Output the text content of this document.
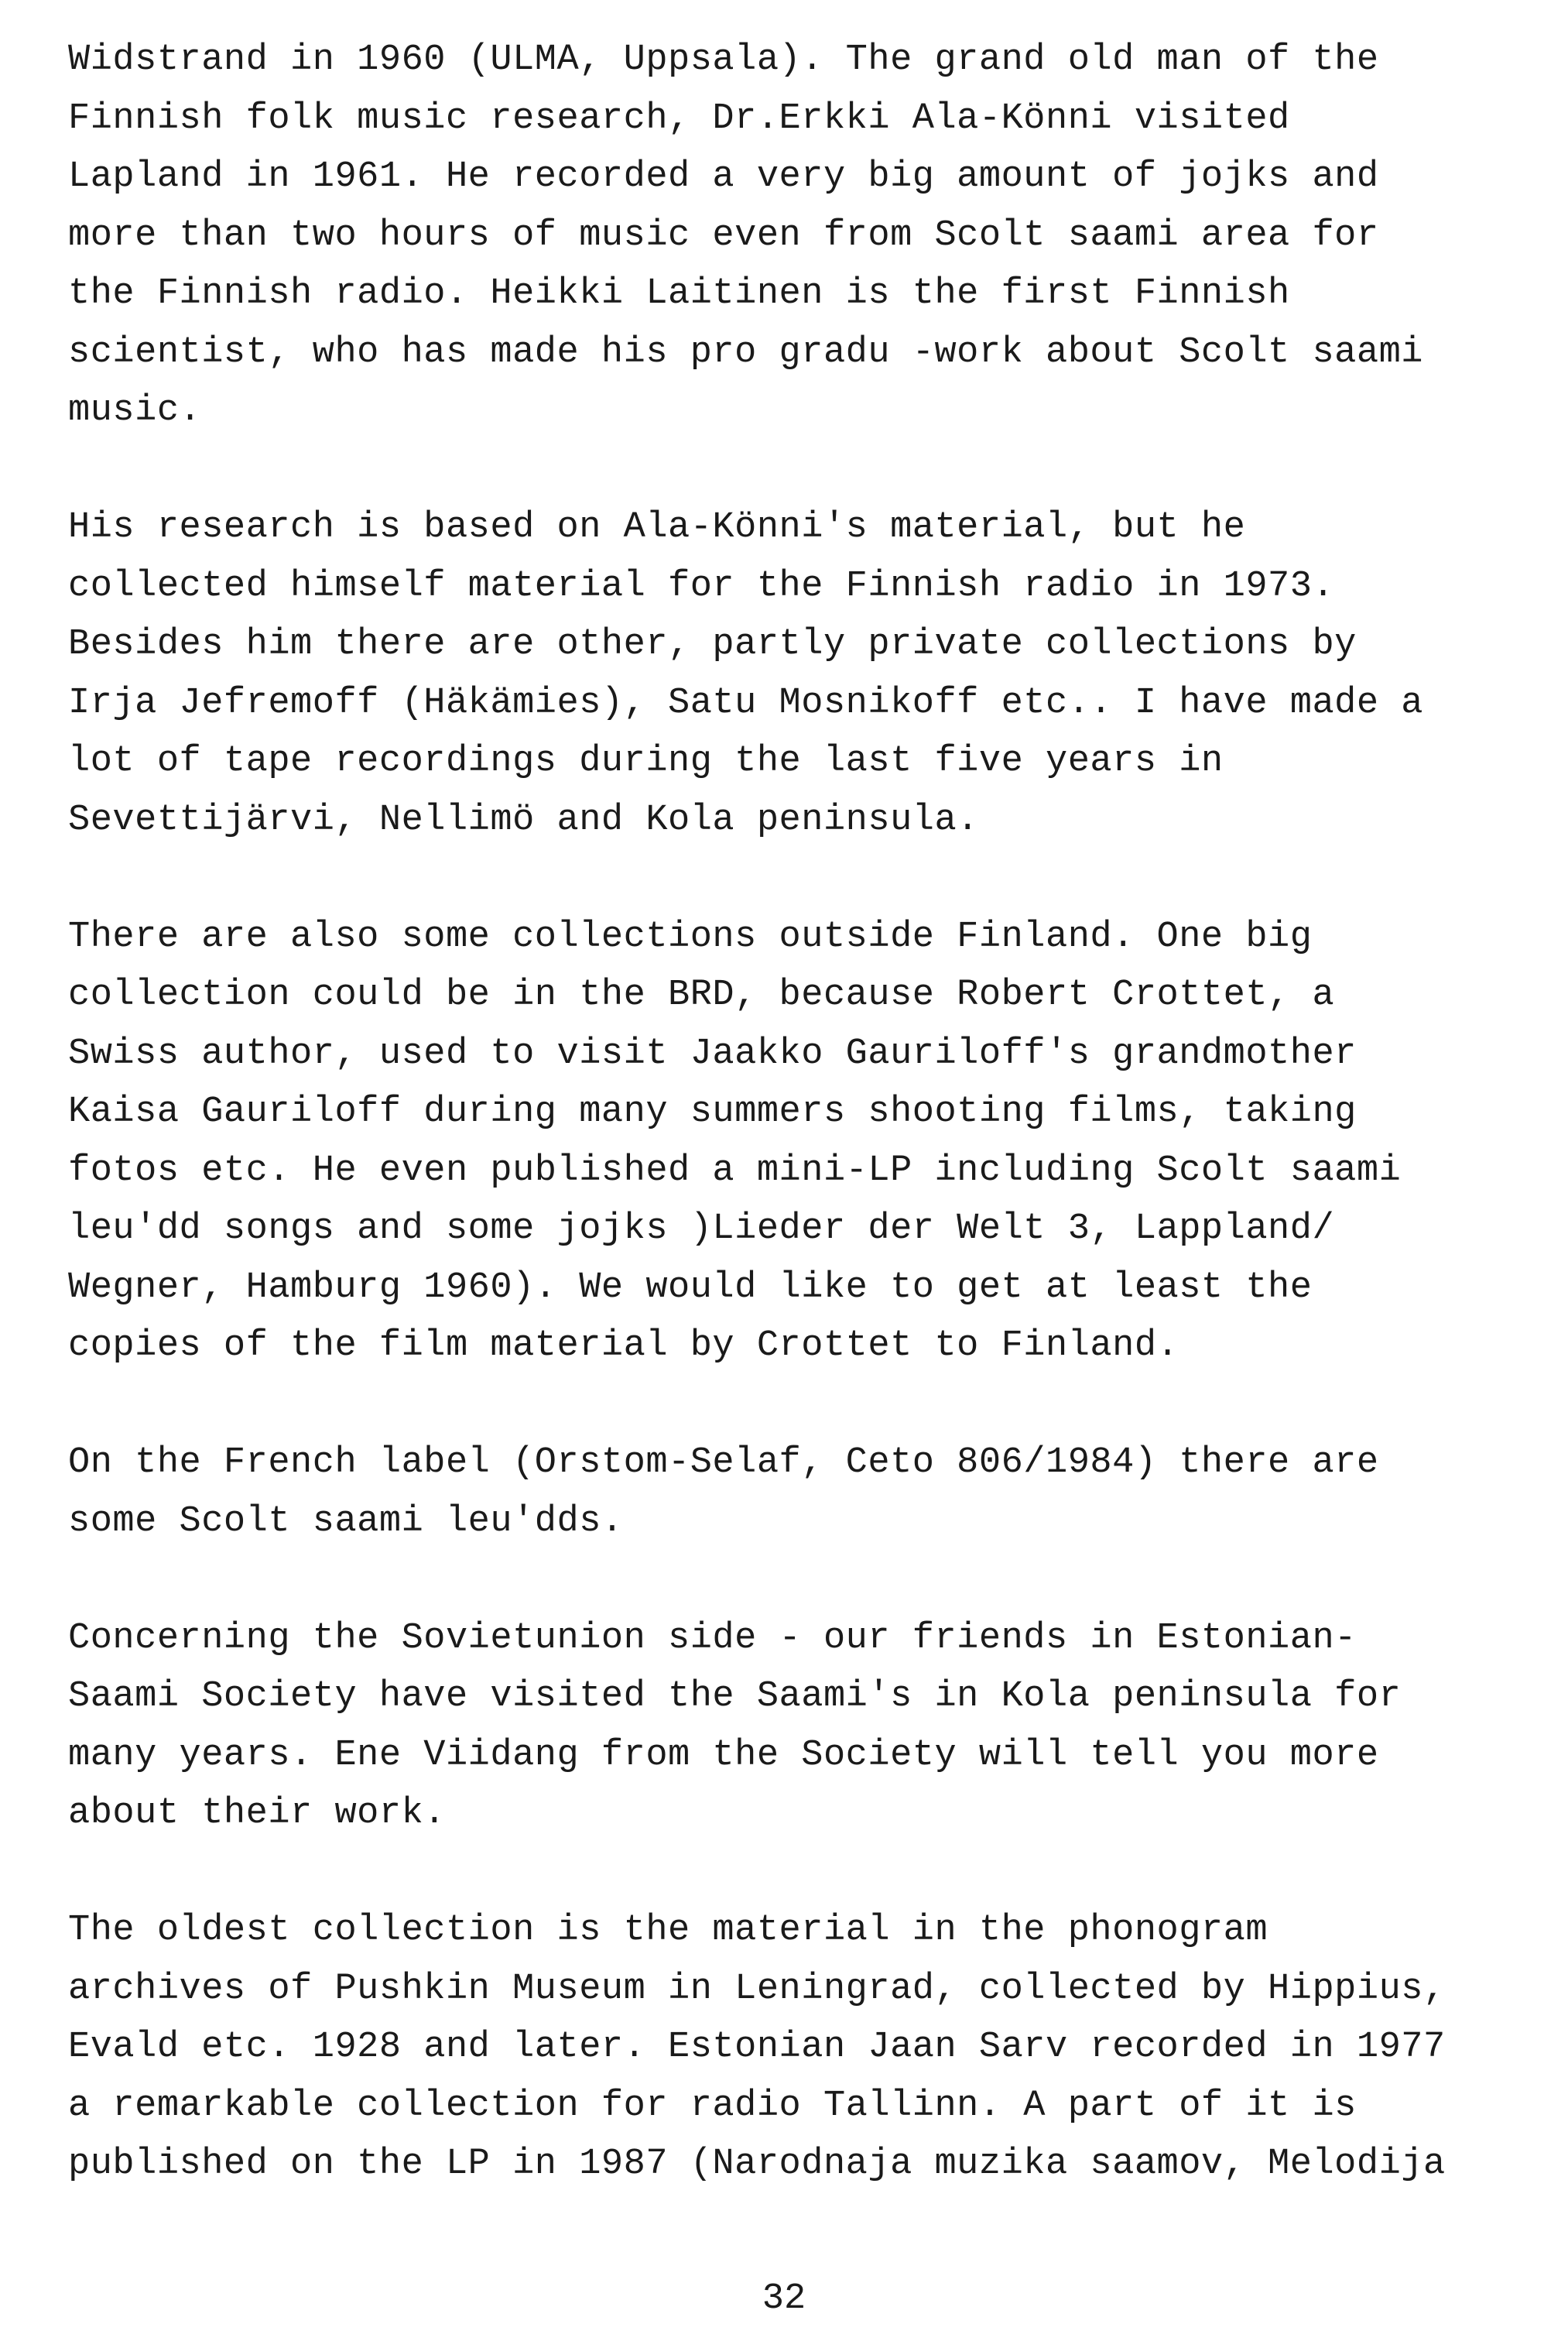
Widstrand in 1960 (ULMA, Uppsala). The grand old man of the
Finnish folk music research, Dr.Erkki Ala-Könni visited
Lapland in 1961. He recorded a very big amount of jojks and
more than two hours of music even from Scolt saami area for
the Finnish radio. Heikki Laitinen is the first Finnish
scientist, who has made his pro gradu -work about Scolt saami
music.

His research is based on Ala-Könni's material, but he
collected himself material for the Finnish radio in 1973.
Besides him there are other, partly private collections by
Irja Jefremoff (Häkämies), Satu Mosnikoff etc.. I have made a
lot of tape recordings during the last five years in
Sevettijärvi, Nellimö and Kola peninsula.

There are also some collections outside Finland. One big
collection could be in the BRD, because Robert Crottet, a
Swiss author, used to visit Jaakko Gauriloff's grandmother
Kaisa Gauriloff during many summers shooting films, taking
fotos etc. He even published a mini-LP including Scolt saami
leu'dd songs and some jojks )Lieder der Welt 3, Lappland/
Wegner, Hamburg 1960). We would like to get at least the
copies of the film material by Crottet to Finland.

On the French label (Orstom-Selaf, Ceto 806/1984) there are
some Scolt saami leu'dds.

Concerning the Sovietunion side - our friends in Estonian-
Saami Society have visited the Saami's in Kola peninsula for
many years. Ene Viidang from the Society will tell you more
about their work.

The oldest collection is the material in the phonogram
archives of Pushkin Museum in Leningrad, collected by Hippius,
Evald etc. 1928 and later. Estonian Jaan Sarv recorded in 1977
a remarkable collection for radio Tallinn. A part of it is
published on the LP in 1987 (Narodnaja muzika saamov, Melodija

32
